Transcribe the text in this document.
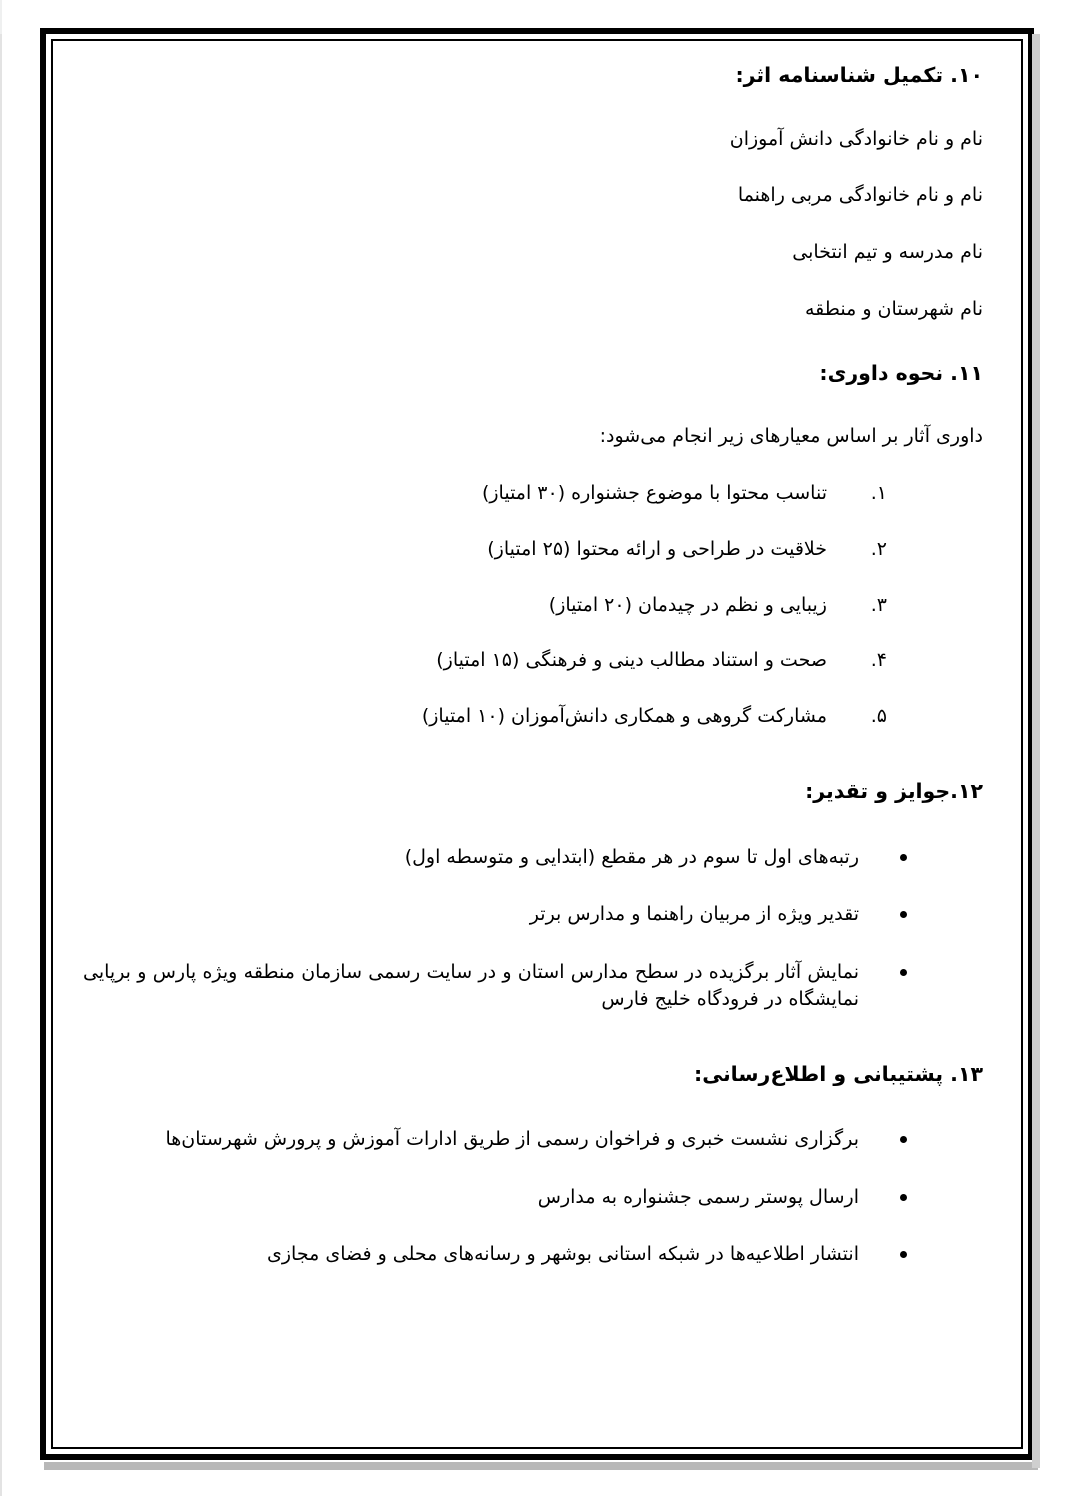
۱۰. تکمیل شناسنامه اثر:

نام و نام خانوادگی دانش آموزان

نام و نام خانوادگی مربی راهنما

نام مدرسه و تیم انتخابی

نام شهرستان و منطقه

۱۱. نحوه داوری:

داوری آثار بر اساس معیارهای زیر انجام می‌شود:

۱.
تناسب محتوا با موضوع جشنواره (۳۰ امتیاز)
۲.
خلاقیت در طراحی و ارائه محتوا (۲۵ امتیاز)
۳.
زیبایی و نظم در چیدمان (۲۰ امتیاز)
۴.
صحت و استناد مطالب دینی و فرهنگی (۱۵ امتیاز)
۵.
مشارکت گروهی و همکاری دانش‌آموزان (۱۰ امتیاز)

۱۲.جوایز و تقدیر:

رتبه‌های اول تا سوم در هر مقطع (ابتدایی و متوسطه اول)
تقدیر ویژه از مربیان راهنما و مدارس برتر
نمایش آثار برگزیده در سطح مدارس استان و در سایت رسمی سازمان منطقه ویژه پارس و برپایی نمایشگاه در فرودگاه خلیج فارس

۱۳. پشتیبانی و اطلاع‌رسانی:

برگزاری نشست خبری و فراخوان رسمی از طریق ادارات آموزش و پرورش شهرستان‌ها
ارسال پوستر رسمی جشنواره به مدارس
انتشار اطلاعیه‌ها در شبکه استانی بوشهر و رسانه‌های محلی و فضای مجازی
